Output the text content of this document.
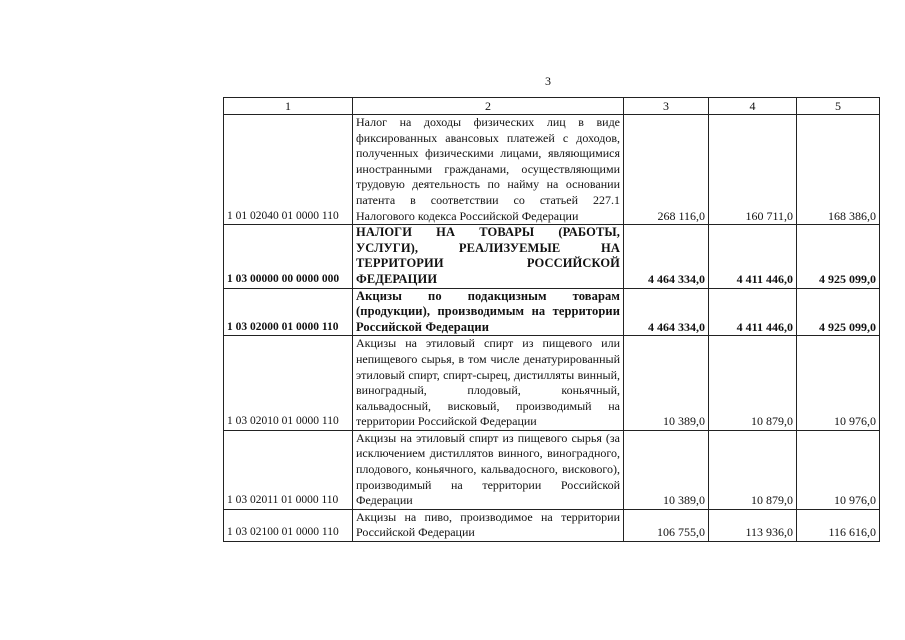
3
1	2	3	4	5
1 01 02040 01 0000 110	Налог на доходы физических лиц в виде фиксированных авансовых платежей с доходов, полученных физическими лицами, являющимися иностранными гражданами, осуществляющими трудовую деятельность по найму на основании патента в соответствии со статьей 227.1 Налогового кодекса Российской Федерации	268 116,0	160 711,0	168 386,0
1 03 00000 00 0000 000	НАЛОГИ НА ТОВАРЫ (РАБОТЫ, УСЛУГИ), РЕАЛИЗУЕМЫЕ НА ТЕРРИТОРИИ РОССИЙСКОЙ ФЕДЕРАЦИИ	4 464 334,0	4 411 446,0	4 925 099,0
1 03 02000 01 0000 110	Акцизы по подакцизным товарам (продукции), производимым на территории Российской Федерации	4 464 334,0	4 411 446,0	4 925 099,0
1 03 02010 01 0000 110	Акцизы на этиловый спирт из пищевого или непищевого сырья, в том числе денатурированный этиловый спирт, спирт-сырец, дистилляты винный, виноградный, плодовый, коньячный, кальвадосный, висковый, производимый на территории Российской Федерации	10 389,0	10 879,0	10 976,0
1 03 02011 01 0000 110	Акцизы на этиловый спирт из пищевого сырья (за исключением дистиллятов винного, виноградного, плодового, коньячного, кальвадосного, вискового), производимый на территории Российской Федерации	10 389,0	10 879,0	10 976,0
1 03 02100 01 0000 110	Акцизы на пиво, производимое на территории Российской Федерации	106 755,0	113 936,0	116 616,0
